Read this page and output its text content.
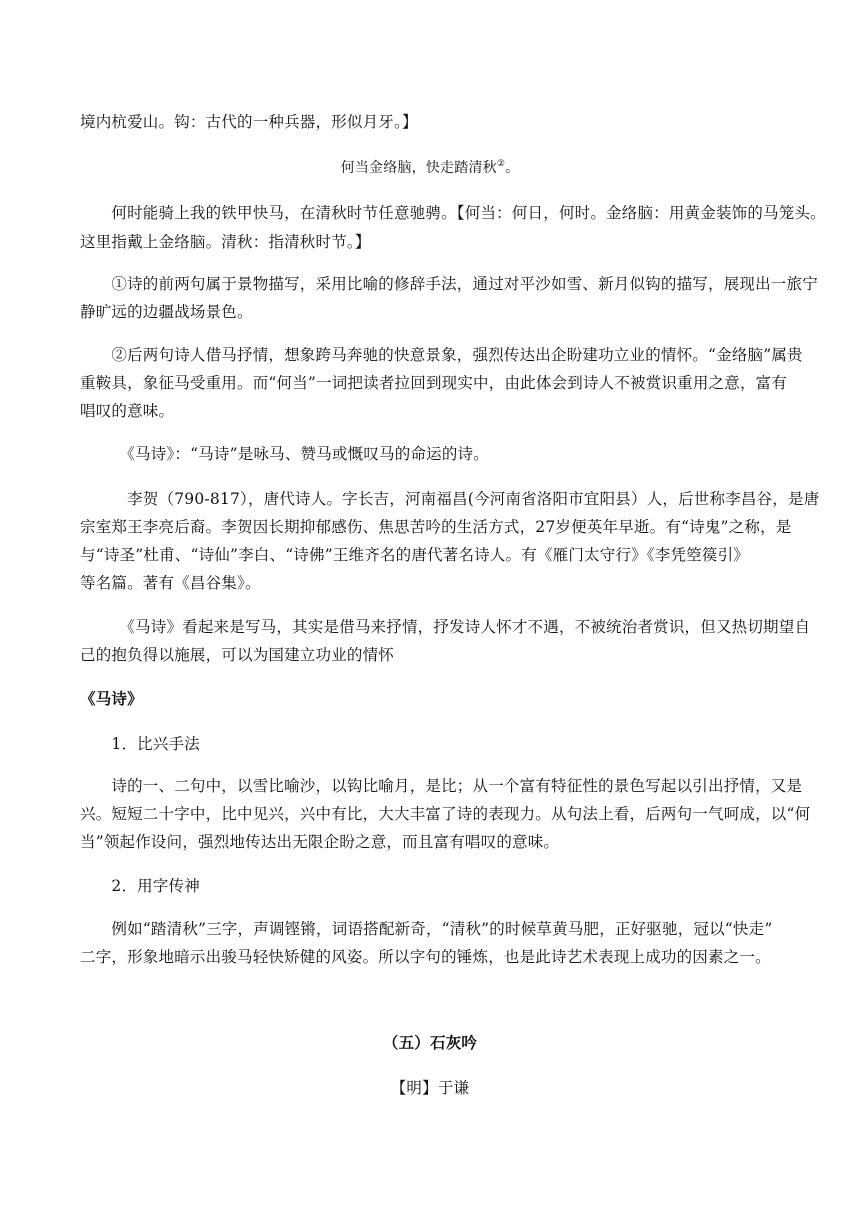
境内杭爱山。钩：古代的一种兵器，形似月牙。】
何当金络脑，快走踏清秋②。
　　何时能骑上我的铁甲快马，在清秋时节任意驰骋。【何当：何日，何时。金络脑：用黄金装饰的马笼头。
这里指戴上金络脑。清秋：指清秋时节。】
　　①诗的前两句属于景物描写，采用比喻的修辞手法，通过对平沙如雪、新月似钩的描写，展现出一旅宁
静旷远的边疆战场景色。
　　②后两句诗人借马抒情，想象跨马奔驰的快意景象，强烈传达出企盼建功立业的情怀。“金络脑”属贵
重鞍具，象征马受重用。而“何当”一词把读者拉回到现实中，由此体会到诗人不被赏识重用之意，富有
唱叹的意味。
　　　《马诗》：“马诗”是咏马、赞马或慨叹马的命运的诗。
　　　李贺（790-817），唐代诗人。字长吉，河南福昌(今河南省洛阳市宜阳县）人，后世称李昌谷，是唐
宗室郑王李亮后裔。李贺因长期抑郁感伤、焦思苦吟的生活方式，27岁便英年早逝。有“诗鬼”之称，是
与“诗圣”杜甫、“诗仙”李白、“诗佛”王维齐名的唐代著名诗人。有《雁门太守行》《李凭箜篌引》
等名篇。著有《昌谷集》。
　　　《马诗》看起来是写马，其实是借马来抒情，抒发诗人怀才不遇，不被统治者赏识，但又热切期望自
己的抱负得以施展，可以为国建立功业的情怀
《马诗》
　　1．比兴手法
　　诗的一、二句中，以雪比喻沙，以钩比喻月，是比；从一个富有特征性的景色写起以引出抒情，又是
兴。短短二十字中，比中见兴，兴中有比，大大丰富了诗的表现力。从句法上看，后两句一气呵成，以“何
当”领起作设问，强烈地传达出无限企盼之意，而且富有唱叹的意味。
　　2．用字传神
　　例如“踏清秋”三字，声调铿锵，词语搭配新奇，“清秋”的时候草黄马肥，正好驱驰，冠以“快走”
二字，形象地暗示出骏马轻快矫健的风姿。所以字句的锤炼，也是此诗艺术表现上成功的因素之一。
（五）石灰吟
【明】于谦
